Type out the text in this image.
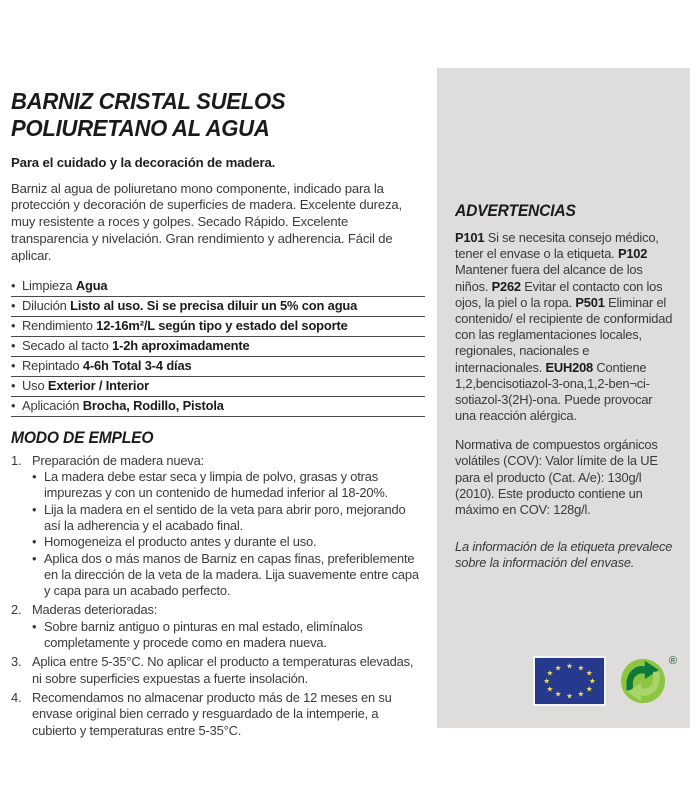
BARNIZ CRISTAL SUELOS
POLIURETANO AL AGUA

Para el cuidado y la decoración de madera.

Barniz al agua de poliuretano mono componente, indicado para la protección y decoración de superficies de madera. Excelente dureza, muy resistente a roces y golpes. Secado Rápido. Excelente transparencia y nivelación. Gran rendimiento y adherencia. Fácil de aplicar.

• Limpieza Agua
• Dilución Listo al uso. Si se precisa diluir un 5% con agua
• Rendimiento 12-16m²/L según tipo y estado del soporte
• Secado al tacto 1-2h aproximadamente
• Repintado 4-6h Total 3-4 días
• Uso Exterior / Interior
• Aplicación Brocha, Rodillo, Pistola
MODO DE EMPLEO
1. Preparación de madera nueva:
• La madera debe estar seca y limpia de polvo, grasas y otras impurezas y con un contenido de humedad inferior al 18-20%.
• Lija la madera en el sentido de la veta para abrir poro, mejorando así la adherencia y el acabado final.
• Homogeneiza el producto antes y durante el uso.
• Aplica dos o más manos de Barniz en capas finas, preferiblemente en la dirección de la veta de la madera. Lija suavemente entre capa y capa para un acabado perfecto.
2. Maderas deterioradas:
• Sobre barniz antiguo o pinturas en mal estado, elimínalos completamente y procede como en madera nueva.
3. Aplica entre 5-35°C. No aplicar el producto a temperaturas elevadas, ni sobre superficies expuestas a fuerte insolación.
4. Recomendamos no almacenar producto más de 12 meses en su envase original bien cerrado y resguardado de la intemperie, a cubierto y temperaturas entre 5-35°C.
ADVERTENCIAS

P101 Si se necesita consejo médico, tener el envase o la etiqueta. P102 Mantener fuera del alcance de los niños. P262 Evitar el contacto con los ojos, la piel o la ropa. P501 Eliminar el contenido/ el recipiente de conformidad con las reglamentaciones locales, regionales, nacionales e internacionales. EUH208 Contiene 1,2,bencisotiazol-3-ona,1,2-ben¬ci-sotiazol-3(2H)-ona. Puede provocar una reacción alérgica.

Normativa de compuestos orgánicos volátiles (COV): Valor límite de la UE para el producto (Cat. A/e): 130g/l (2010). Este producto contiene un máximo en COV: 128g/l.

La información de la etiqueta prevalece sobre la información del envase.

★ ★
★
★
★
★
★
★
★
★
★
★
®
